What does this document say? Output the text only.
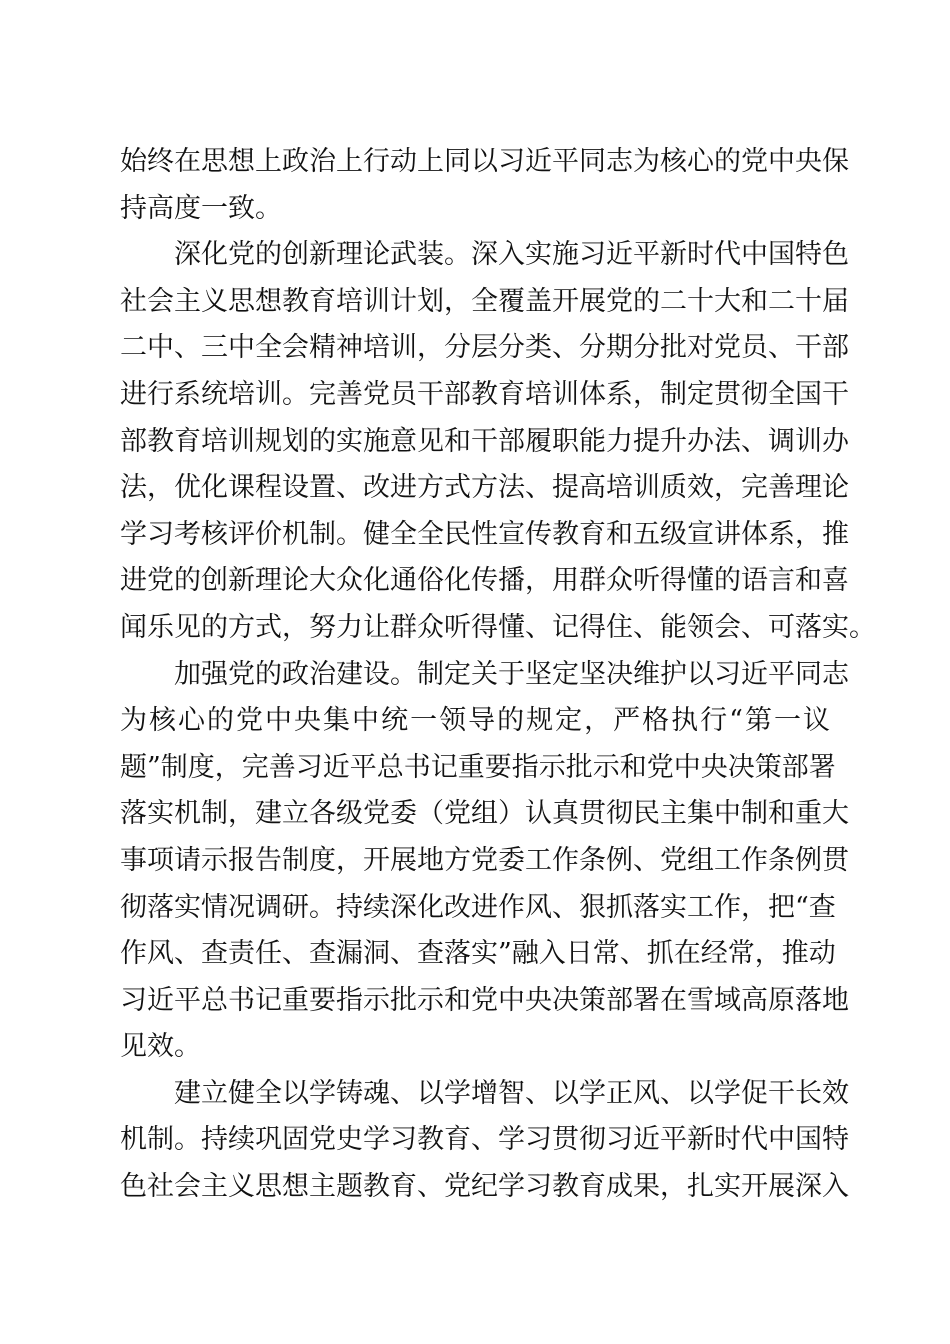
始终在思想上政治上行动上同以习近平同志为核心的党中央保
持高度一致。
深化党的创新理论武装。深入实施习近平新时代中国特色
社会主义思想教育培训计划，全覆盖开展党的二十大和二十届
二中、三中全会精神培训，分层分类、分期分批对党员、干部
进行系统培训。完善党员干部教育培训体系，制定贯彻全国干
部教育培训规划的实施意见和干部履职能力提升办法、调训办
法，优化课程设置、改进方式方法、提高培训质效，完善理论
学习考核评价机制。健全全民性宣传教育和五级宣讲体系，推
进党的创新理论大众化通俗化传播，用群众听得懂的语言和喜
闻乐见的方式，努力让群众听得懂、记得住、能领会、可落实。
加强党的政治建设。制定关于坚定坚决维护以习近平同志
为核心的党中央集中统一领导的规定，严格执行“第一议
题”制度，完善习近平总书记重要指示批示和党中央决策部署
落实机制，建立各级党委（党组）认真贯彻民主集中制和重大
事项请示报告制度，开展地方党委工作条例、党组工作条例贯
彻落实情况调研。持续深化改进作风、狠抓落实工作，把“查
作风、查责任、查漏洞、查落实”融入日常、抓在经常，推动
习近平总书记重要指示批示和党中央决策部署在雪域高原落地
见效。
建立健全以学铸魂、以学增智、以学正风、以学促干长效
机制。持续巩固党史学习教育、学习贯彻习近平新时代中国特
色社会主义思想主题教育、党纪学习教育成果，扎实开展深入
